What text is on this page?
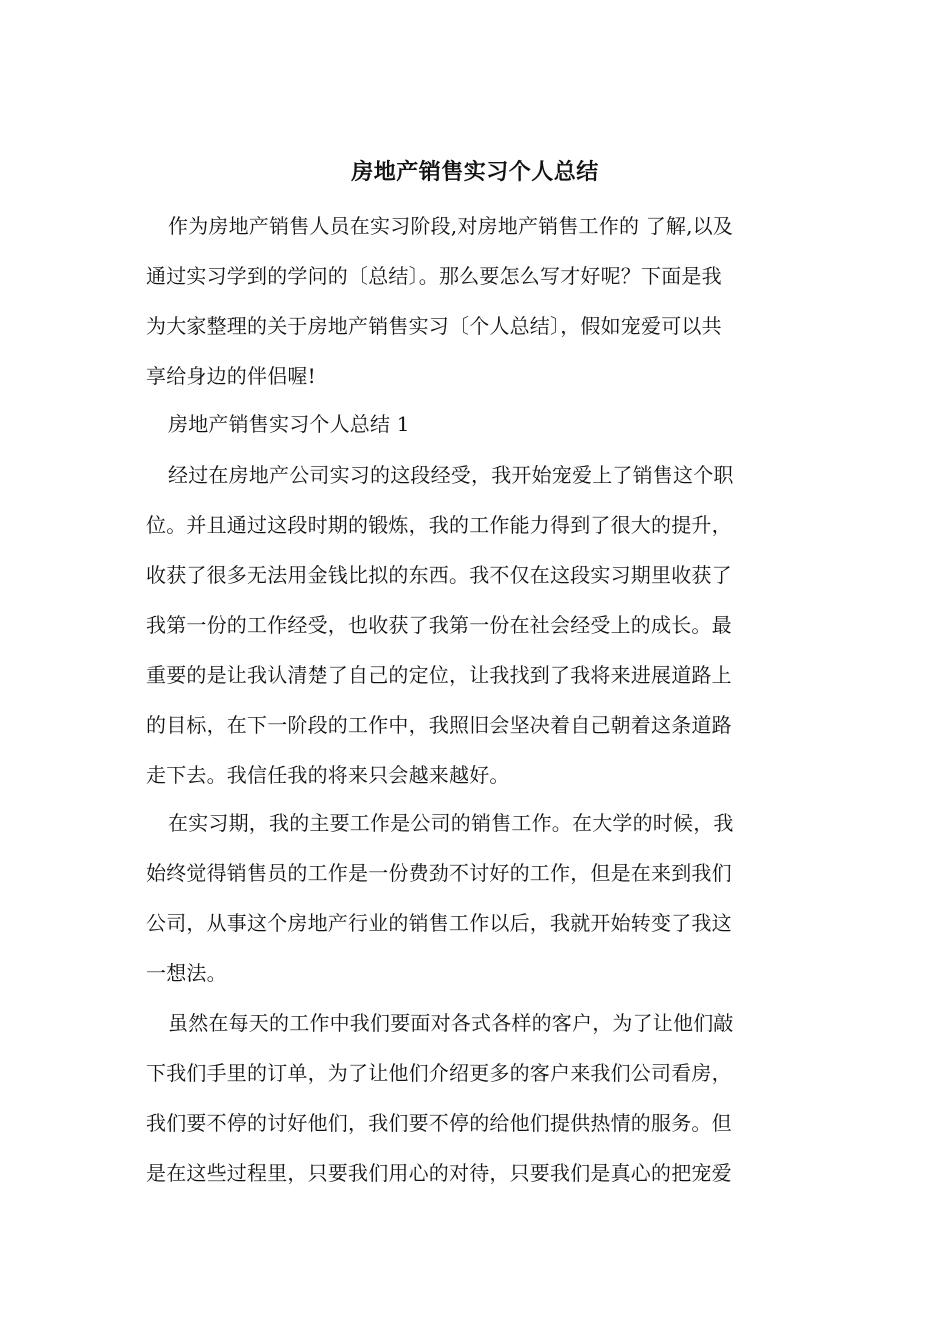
房地产销售实习个人总结
作为房地产销售人员在实习阶段,对房地产销售工作的 了解,以及
通过实习学到的学问的〔总结〕。那么要怎么写才好呢？下面是我
为大家整理的关于房地产销售实习〔个人总结〕，假如宠爱可以共
享给身边的伴侣喔!
房地产销售实习个人总结 1
经过在房地产公司实习的这段经受，我开始宠爱上了销售这个职
位。并且通过这段时期的锻炼，我的工作能力得到了很大的提升，
收获了很多无法用金钱比拟的东西。我不仅在这段实习期里收获了
我第一份的工作经受，也收获了我第一份在社会经受上的成长。最
重要的是让我认清楚了自己的定位，让我找到了我将来进展道路上
的目标，在下一阶段的工作中，我照旧会坚决着自己朝着这条道路
走下去。我信任我的将来只会越来越好。
在实习期，我的主要工作是公司的销售工作。在大学的时候，我
始终觉得销售员的工作是一份费劲不讨好的工作，但是在来到我们
公司，从事这个房地产行业的销售工作以后，我就开始转变了我这
一想法。
虽然在每天的工作中我们要面对各式各样的客户，为了让他们敲
下我们手里的订单，为了让他们介绍更多的客户来我们公司看房，
我们要不停的讨好他们，我们要不停的给他们提供热情的服务。但
是在这些过程里，只要我们用心的对待，只要我们是真心的把宠爱
